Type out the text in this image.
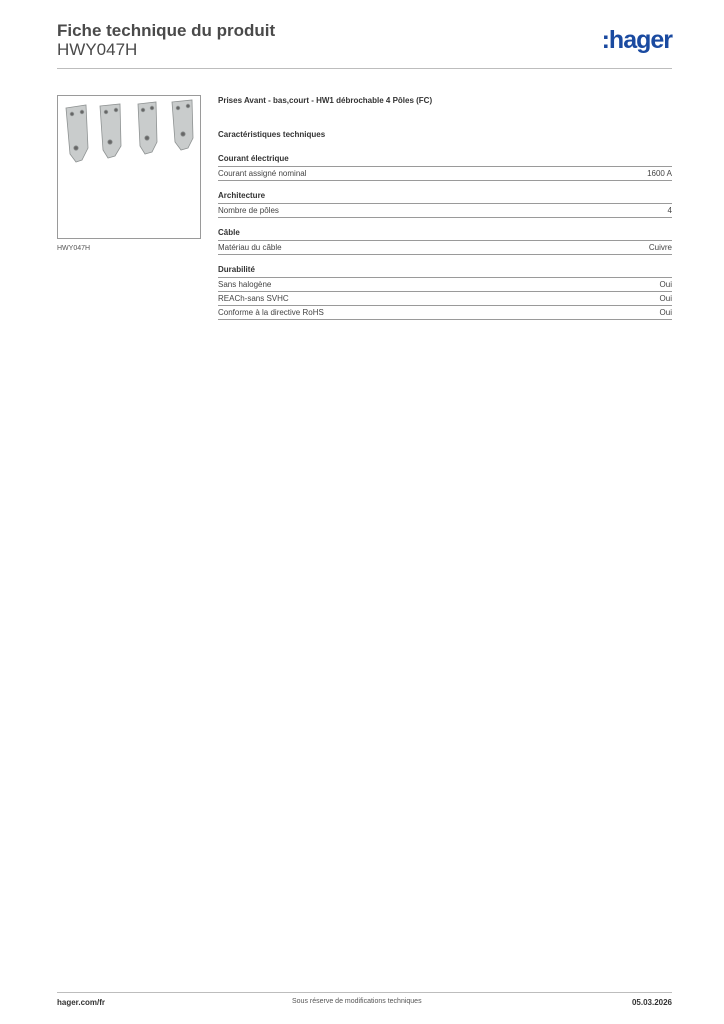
Fiche technique du produit
HWY047H	:hager
HWY047H

Prises Avant - bas,court - HW1 débrochable 4 Pôles (FC)

Caractéristiques techniques

Courant électrique
Courant assigné nominal	1600 A
Architecture
Nombre de pôles	4
Câble
Matériau du câble	Cuivre
Durabilité
Sans halogène	Oui
REACh-sans SVHC	Oui
Conforme à la directive RoHS	Oui
hager.com/fr	Sous réserve de modifications techniques	05.03.2026
